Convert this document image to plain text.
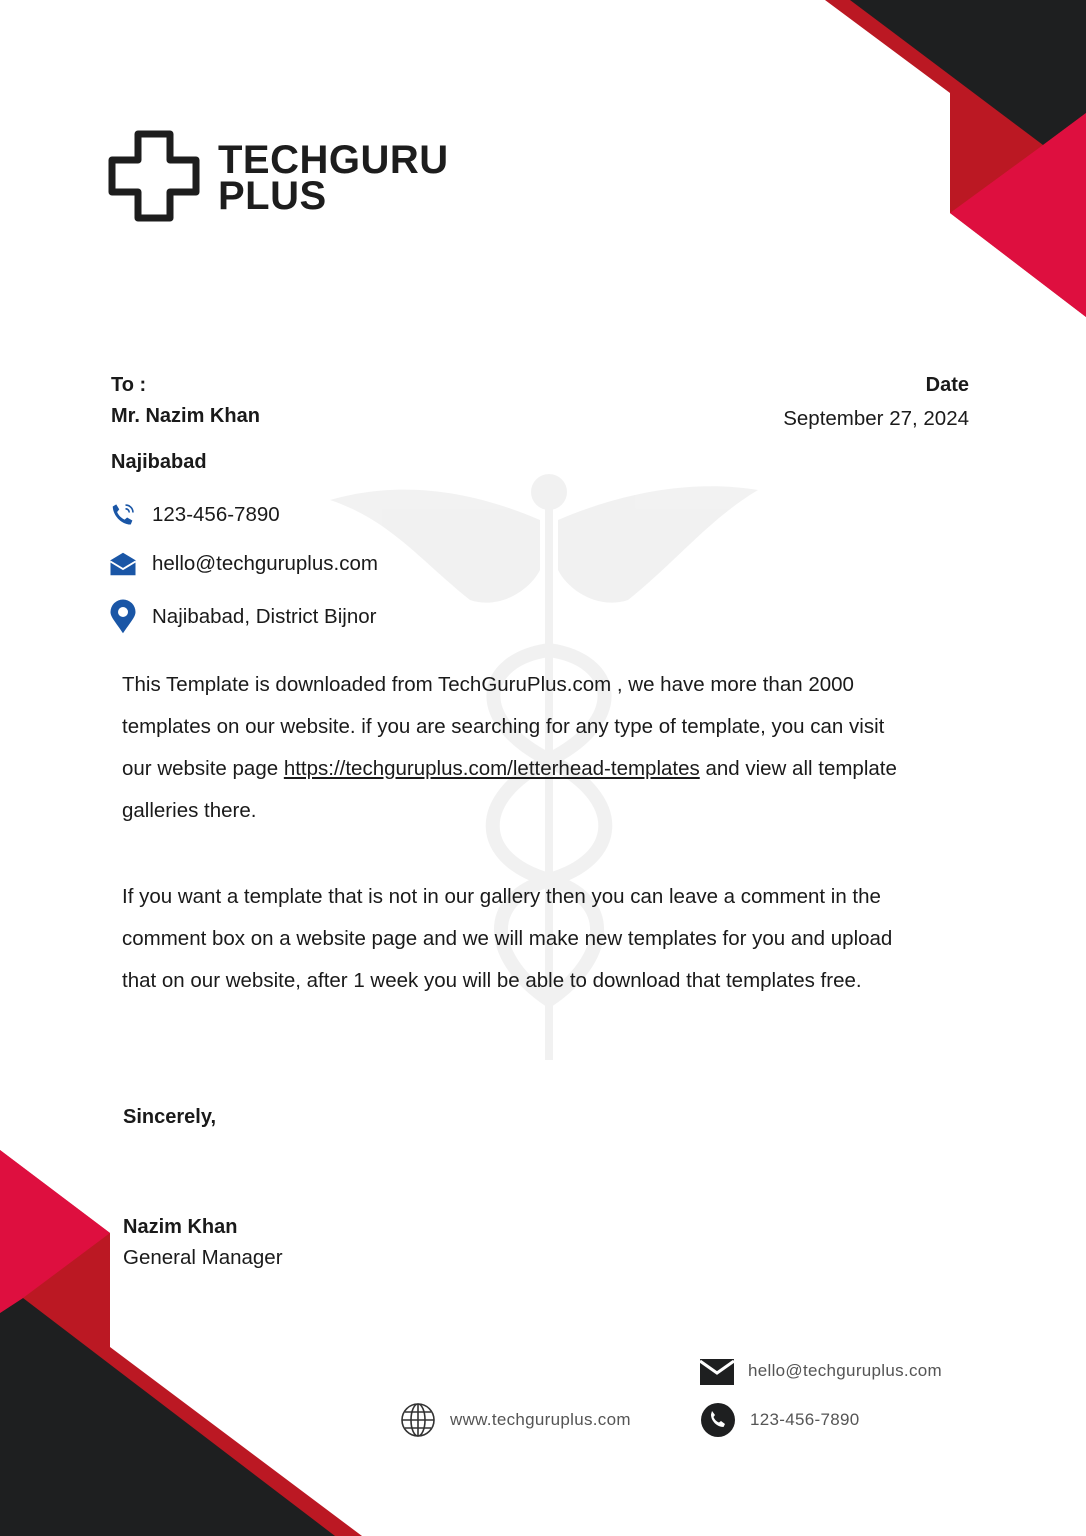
TECHGURU
PLUS
To :
Mr. Nazim Khan
Najibabad
123-456-7890
hello@techguruplus.com
Najibabad, District Bijnor
Date
September 27, 2024
This Template is downloaded from TechGuruPlus.com , we have more than 2000
templates on our website. if you are searching for any type of template, you can visit
our website page https://techguruplus.com/letterhead-templates and view all template
galleries there.
If you want a template that is not in our gallery then you can leave a comment in the
comment box on a website page and we will make new templates for you and upload
that on our website, after 1 week you will be able to download that templates free.
Sincerely,
Nazim Khan
General Manager
hello@techguruplus.com
www.techguruplus.com	123-456-7890
